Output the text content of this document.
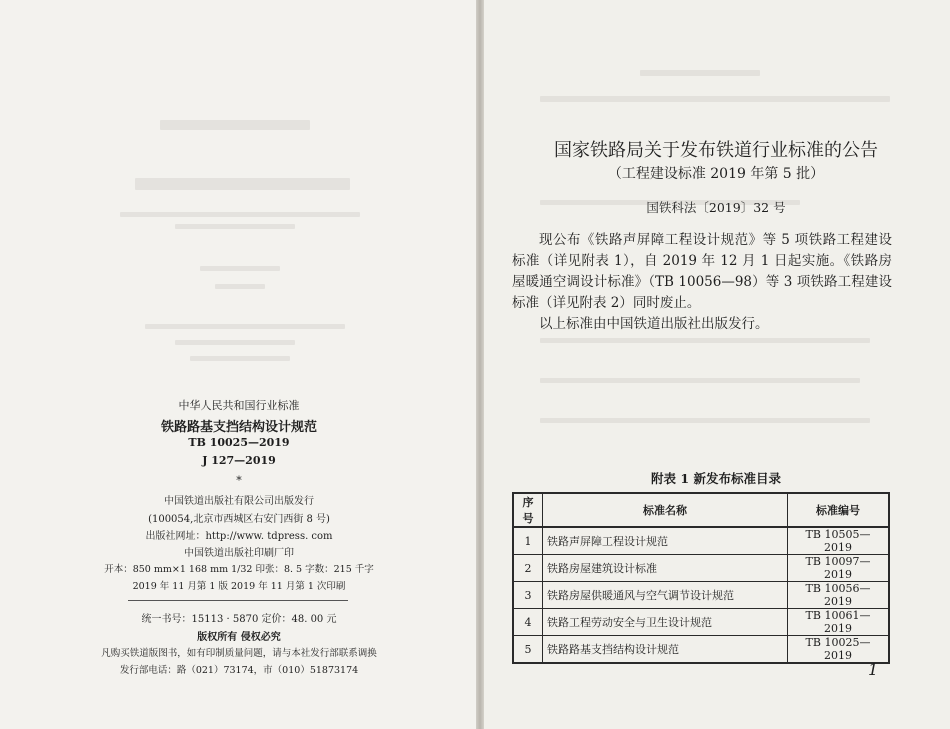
中华人民共和国行业标准
铁路路基支挡结构设计规范
TB 10025—2019
J 127—2019
*
中国铁道出版社有限公司出版发行
(100054,北京市西城区右安门西街 8 号)
出版社网址：http://www. tdpress. com
中国铁道出版社印刷厂印
开本：850 mm×1 168 mm 1/32 印张：8. 5 字数：215 千字
2019 年 11 月第 1 版 2019 年 11 月第 1 次印刷
统一书号：15113 · 5870 定价：48. 00 元
版权所有 侵权必究
凡购买铁道版图书，如有印制质量问题，请与本社发行部联系调换
发行部电话：路（021）73174，市（010）51873174
国家铁路局关于发布铁道行业标准的公告
（工程建设标准 2019 年第 5 批）
国铁科法〔2019〕32 号
现公布《铁路声屏障工程设计规范》等 5 项铁路工程建设标准（详见附表 1），自 2019 年 12 月 1 日起实施。《铁路房屋暖通空调设计标准》（TB 10056—98）等 3 项铁路工程建设标准（详见附表 2）同时废止。
以上标准由中国铁道出版社出版发行。
附表 1 新发布标准目录
序号	标准名称	标准编号
1	铁路声屏障工程设计规范	TB 10505—2019
2	铁路房屋建筑设计标准	TB 10097—2019
3	铁路房屋供暖通风与空气调节设计规范	TB 10056—2019
4	铁路工程劳动安全与卫生设计规范	TB 10061—2019
5	铁路路基支挡结构设计规范	TB 10025—2019
1
